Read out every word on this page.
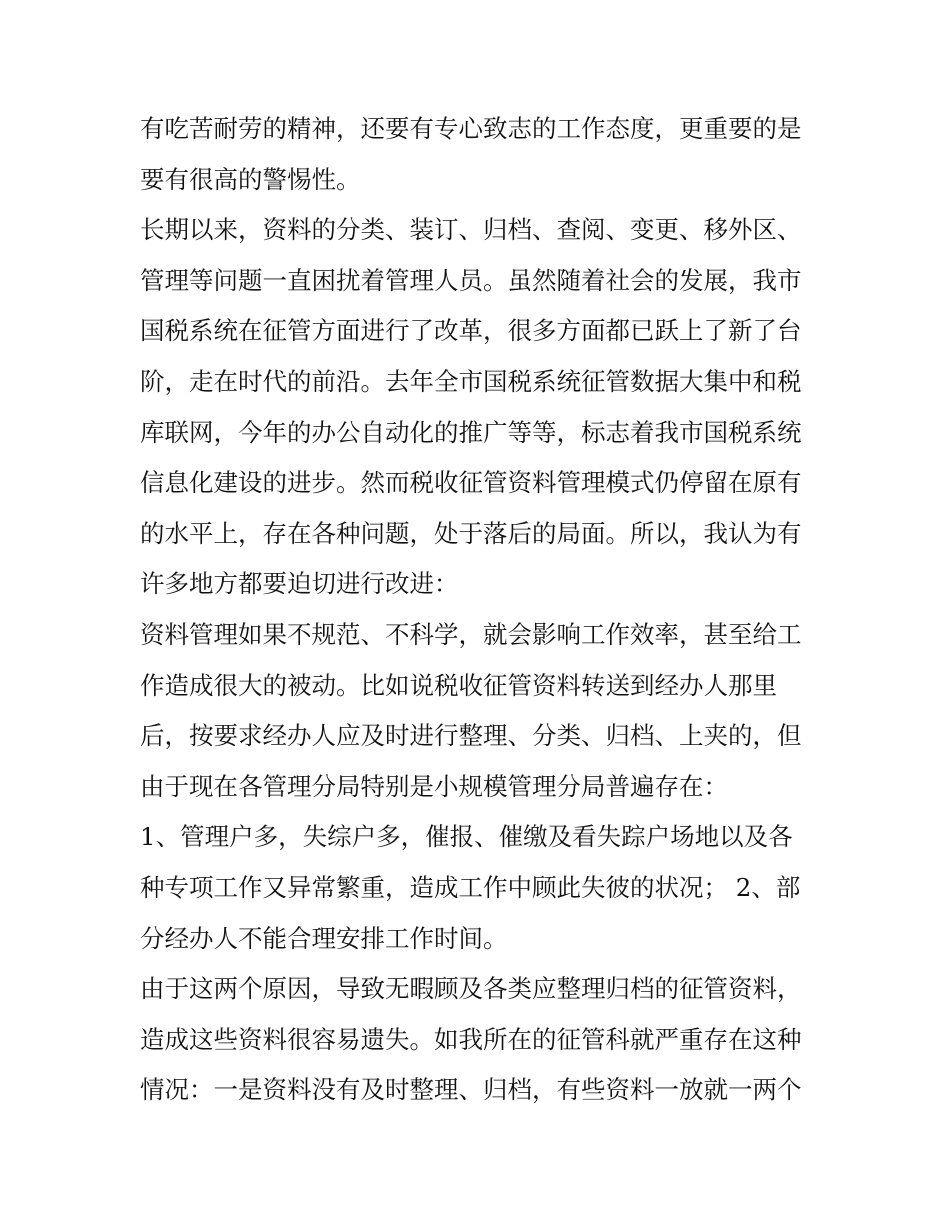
有吃苦耐劳的精神，还要有专心致志的工作态度，更重要的是
要有很高的警惕性。
长期以来，资料的分类、装订、归档、查阅、变更、移外区、
管理等问题一直困扰着管理人员。虽然随着社会的发展，我市
国税系统在征管方面进行了改革，很多方面都已跃上了新了台
阶，走在时代的前沿。去年全市国税系统征管数据大集中和税
库联网，今年的办公自动化的推广等等，标志着我市国税系统
信息化建设的进步。然而税收征管资料管理模式仍停留在原有
的水平上，存在各种问题，处于落后的局面。所以，我认为有
许多地方都要迫切进行改进：
资料管理如果不规范、不科学，就会影响工作效率，甚至给工
作造成很大的被动。比如说税收征管资料转送到经办人那里
后，按要求经办人应及时进行整理、分类、归档、上夹的，但
由于现在各管理分局特别是小规模管理分局普遍存在：
1、管理户多，失综户多，催报、催缴及看失踪户场地以及各
种专项工作又异常繁重，造成工作中顾此失彼的状况； 2、部
分经办人不能合理安排工作时间。
由于这两个原因，导致无暇顾及各类应整理归档的征管资料，
造成这些资料很容易遗失。如我所在的征管科就严重存在这种
情况：一是资料没有及时整理、归档，有些资料一放就一两个
